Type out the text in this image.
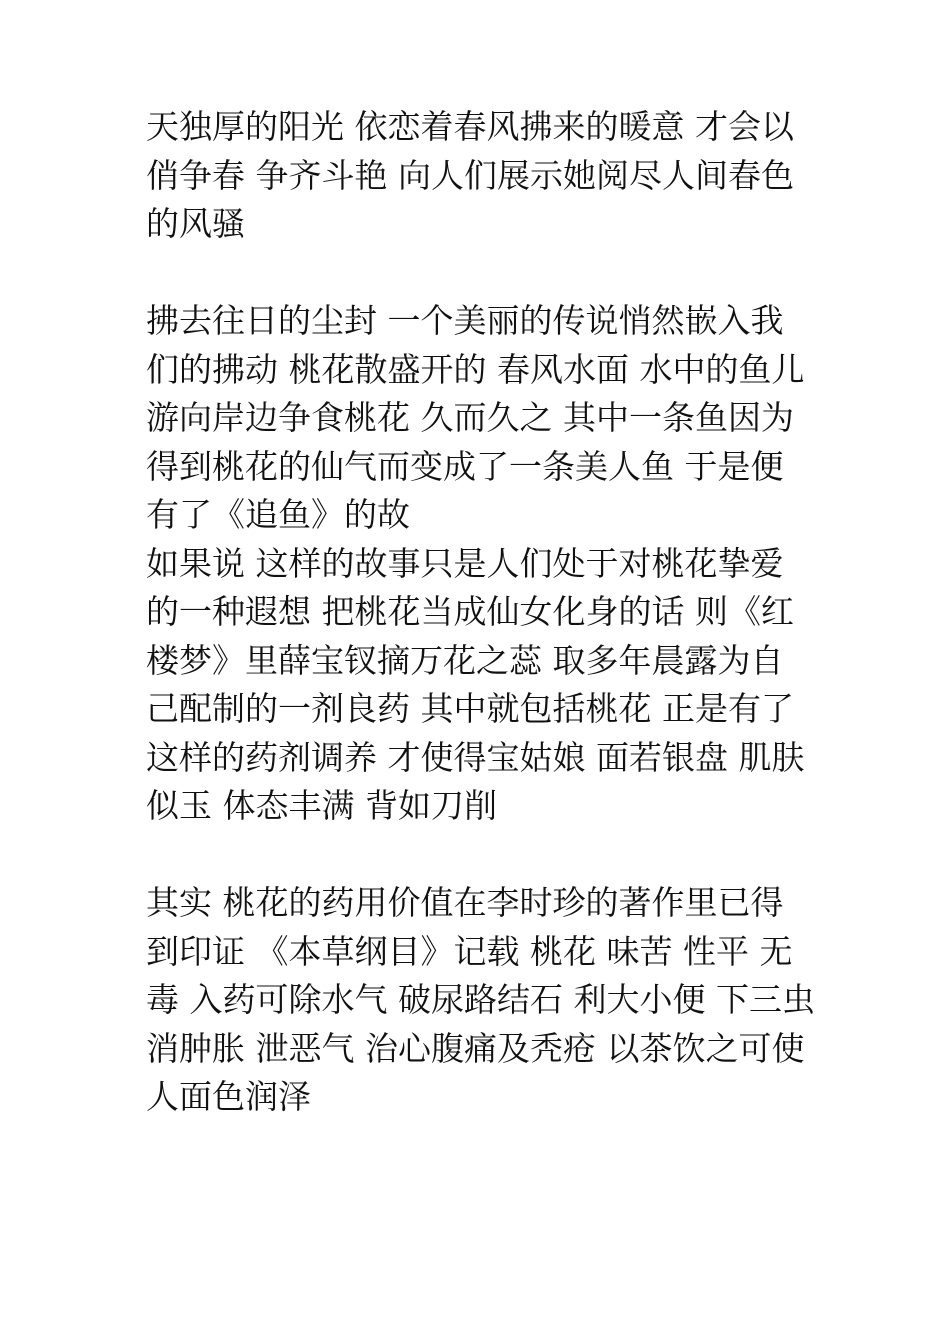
天独厚的阳光 依恋着春风拂来的暖意 才会以俏争春 争齐斗艳 向人们展示她阅尽人间春色的风骚

拂去往日的尘封 一个美丽的传说悄然嵌入我们的拂动 桃花散盛开的 春风水面 水中的鱼儿游向岸边争食桃花 久而久之 其中一条鱼因为得到桃花的仙气而变成了一条美人鱼 于是便有了《追鱼》的故

如果说 这样的故事只是人们处于对桃花挚爱的一种遐想 把桃花当成仙女化身的话 则《红楼梦》里薛宝钗摘万花之蕊 取多年晨露为自己配制的一剂良药 其中就包括桃花 正是有了这样的药剂调养 才使得宝姑娘 面若银盘 肌肤似玉 体态丰满 背如刀削

其实 桃花的药用价值在李时珍的著作里已得到印证 《本草纲目》记载 桃花 味苦 性平 无毒 入药可除水气 破尿路结石 利大小便 下三虫 消肿胀 泄恶气 治心腹痛及秃疮 以茶饮之可使人面色润泽
